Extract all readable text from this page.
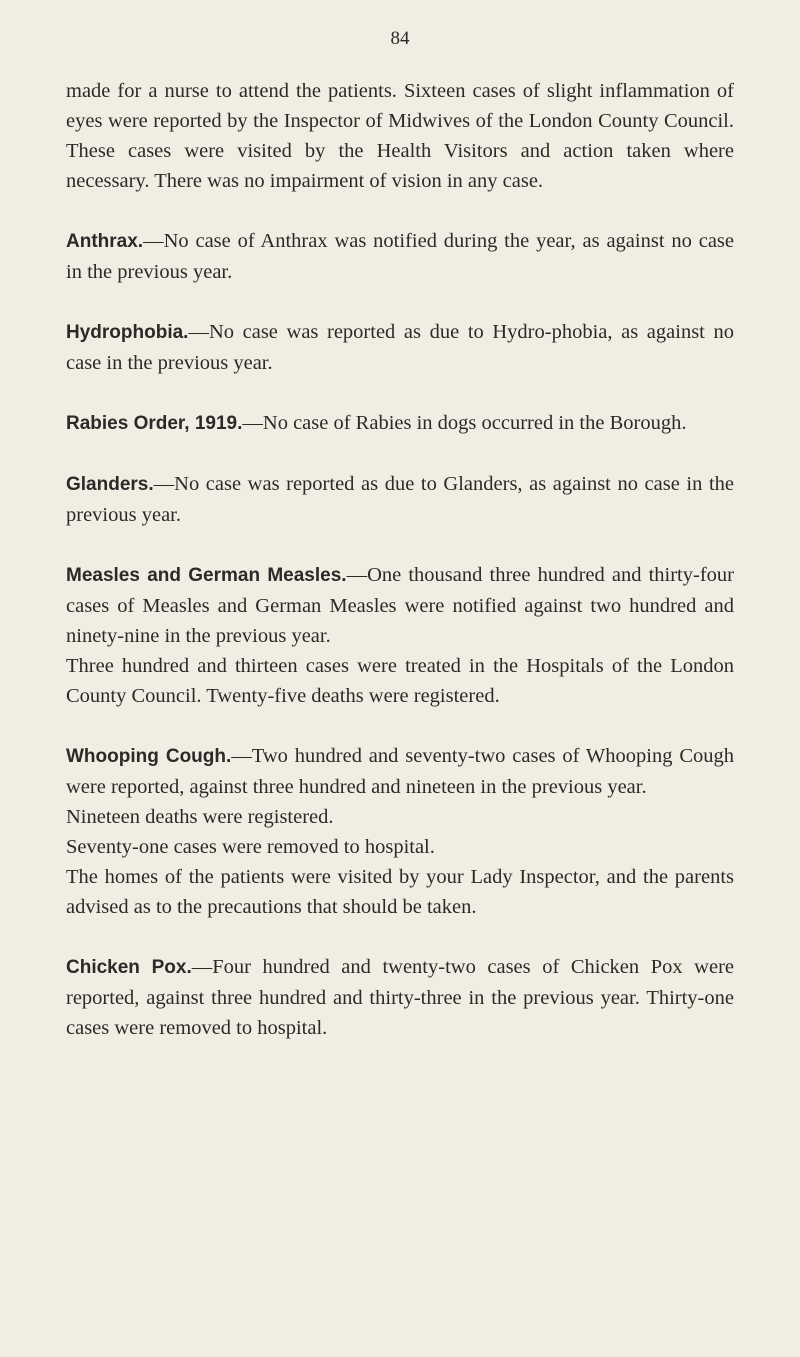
84

made for a nurse to attend the patients. Sixteen cases of slight inflammation of eyes were reported by the Inspector of Midwives of the London County Council. These cases were visited by the Health Visitors and action taken where necessary. There was no impairment of vision in any case.

Anthrax.—No case of Anthrax was notified during the year, as against no case in the previous year.

Hydrophobia.—No case was reported as due to Hydro-phobia, as against no case in the previous year.

Rabies Order, 1919.—No case of Rabies in dogs occurred in the Borough.

Glanders.—No case was reported as due to Glanders, as against no case in the previous year.

Measles and German Measles.—One thousand three hundred and thirty-four cases of Measles and German Measles were notified against two hundred and ninety-nine in the previous year.

Three hundred and thirteen cases were treated in the Hospitals of the London County Council. Twenty-five deaths were registered.

Whooping Cough.—Two hundred and seventy-two cases of Whooping Cough were reported, against three hundred and nineteen in the previous year.

Nineteen deaths were registered.

Seventy-one cases were removed to hospital.

The homes of the patients were visited by your Lady Inspector, and the parents advised as to the precautions that should be taken.

Chicken Pox.—Four hundred and twenty-two cases of Chicken Pox were reported, against three hundred and thirty-three in the previous year. Thirty-one cases were removed to hospital.
